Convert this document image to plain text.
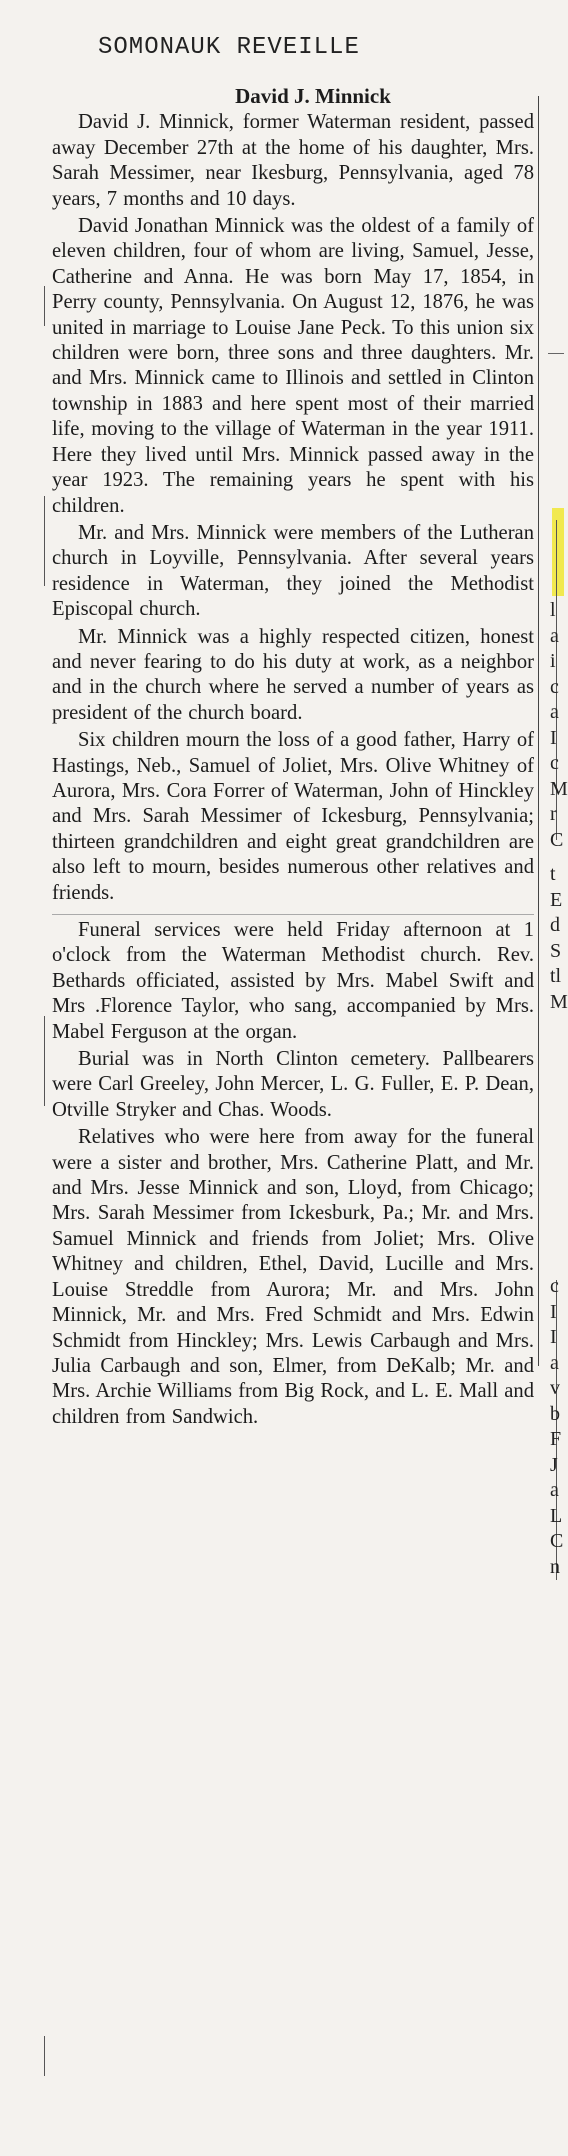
SOMONAUK REVEILLE
David J. Minnick

David J. Minnick, former Waterman resident, passed away December 27th at the home of his daughter, Mrs. Sarah Messimer, near Ikesburg, Pennsylvania, aged 78 years, 7 months and 10 days.

David Jonathan Minnick was the oldest of a family of eleven children, four of whom are living, Samuel, Jesse, Catherine and Anna. He was born May 17, 1854, in Perry county, Pennsylvania. On August 12, 1876, he was united in marriage to Louise Jane Peck. To this union six children were born, three sons and three daughters. Mr. and Mrs. Minnick came to Illinois and settled in Clinton township in 1883 and here spent most of their married life, moving to the village of Waterman in the year 1911. Here they lived until Mrs. Minnick passed away in the year 1923. The remaining years he spent with his children.

Mr. and Mrs. Minnick were members of the Lutheran church in Loyville, Pennsylvania. After several years residence in Waterman, they joined the Methodist Episcopal church.

Mr. Minnick was a highly respected citizen, honest and never fearing to do his duty at work, as a neighbor and in the church where he served a number of years as president of the church board.

Six children mourn the loss of a good father, Harry of Hastings, Neb., Samuel of Joliet, Mrs. Olive Whitney of Aurora, Mrs. Cora Forrer of Waterman, John of Hinckley and Mrs. Sarah Messimer of Ickesburg, Pennsylvania; thirteen grandchildren and eight great grandchildren are also left to mourn, besides numerous other relatives and friends.

Funeral services were held Friday afternoon at 1 o'clock from the Waterman Methodist church. Rev. Bethards officiated, assisted by Mrs. Mabel Swift and Mrs .Florence Taylor, who sang, accompanied by Mrs. Mabel Ferguson at the organ.

Burial was in North Clinton cemetery. Pallbearers were Carl Greeley, John Mercer, L. G. Fuller, E. P. Dean, Otville Stryker and Chas. Woods.

Relatives who were here from away for the funeral were a sister and brother, Mrs. Catherine Platt, and Mr. and Mrs. Jesse Minnick and son, Lloyd, from Chicago; Mrs. Sarah Messimer from Ickesburk, Pa.; Mr. and Mrs. Samuel Minnick and friends from Joliet; Mrs. Olive Whitney and children, Ethel, David, Lucille and Mrs. Louise Streddle from Aurora; Mr. and Mrs. John Minnick, Mr. and Mrs. Fred Schmidt and Mrs. Edwin Schmidt from Hinckley; Mrs. Lewis Carbaugh and Mrs. Julia Carbaugh and son, Elmer, from DeKalb; Mr. and Mrs. Archie Williams from Big Rock, and L. E. Mall and children from Sandwich.

l
a
i
c
a
I
c
M
r
C
t
E
d
S
tl
M
c
I
I
a
v
b
F
J
a
L
C
n
